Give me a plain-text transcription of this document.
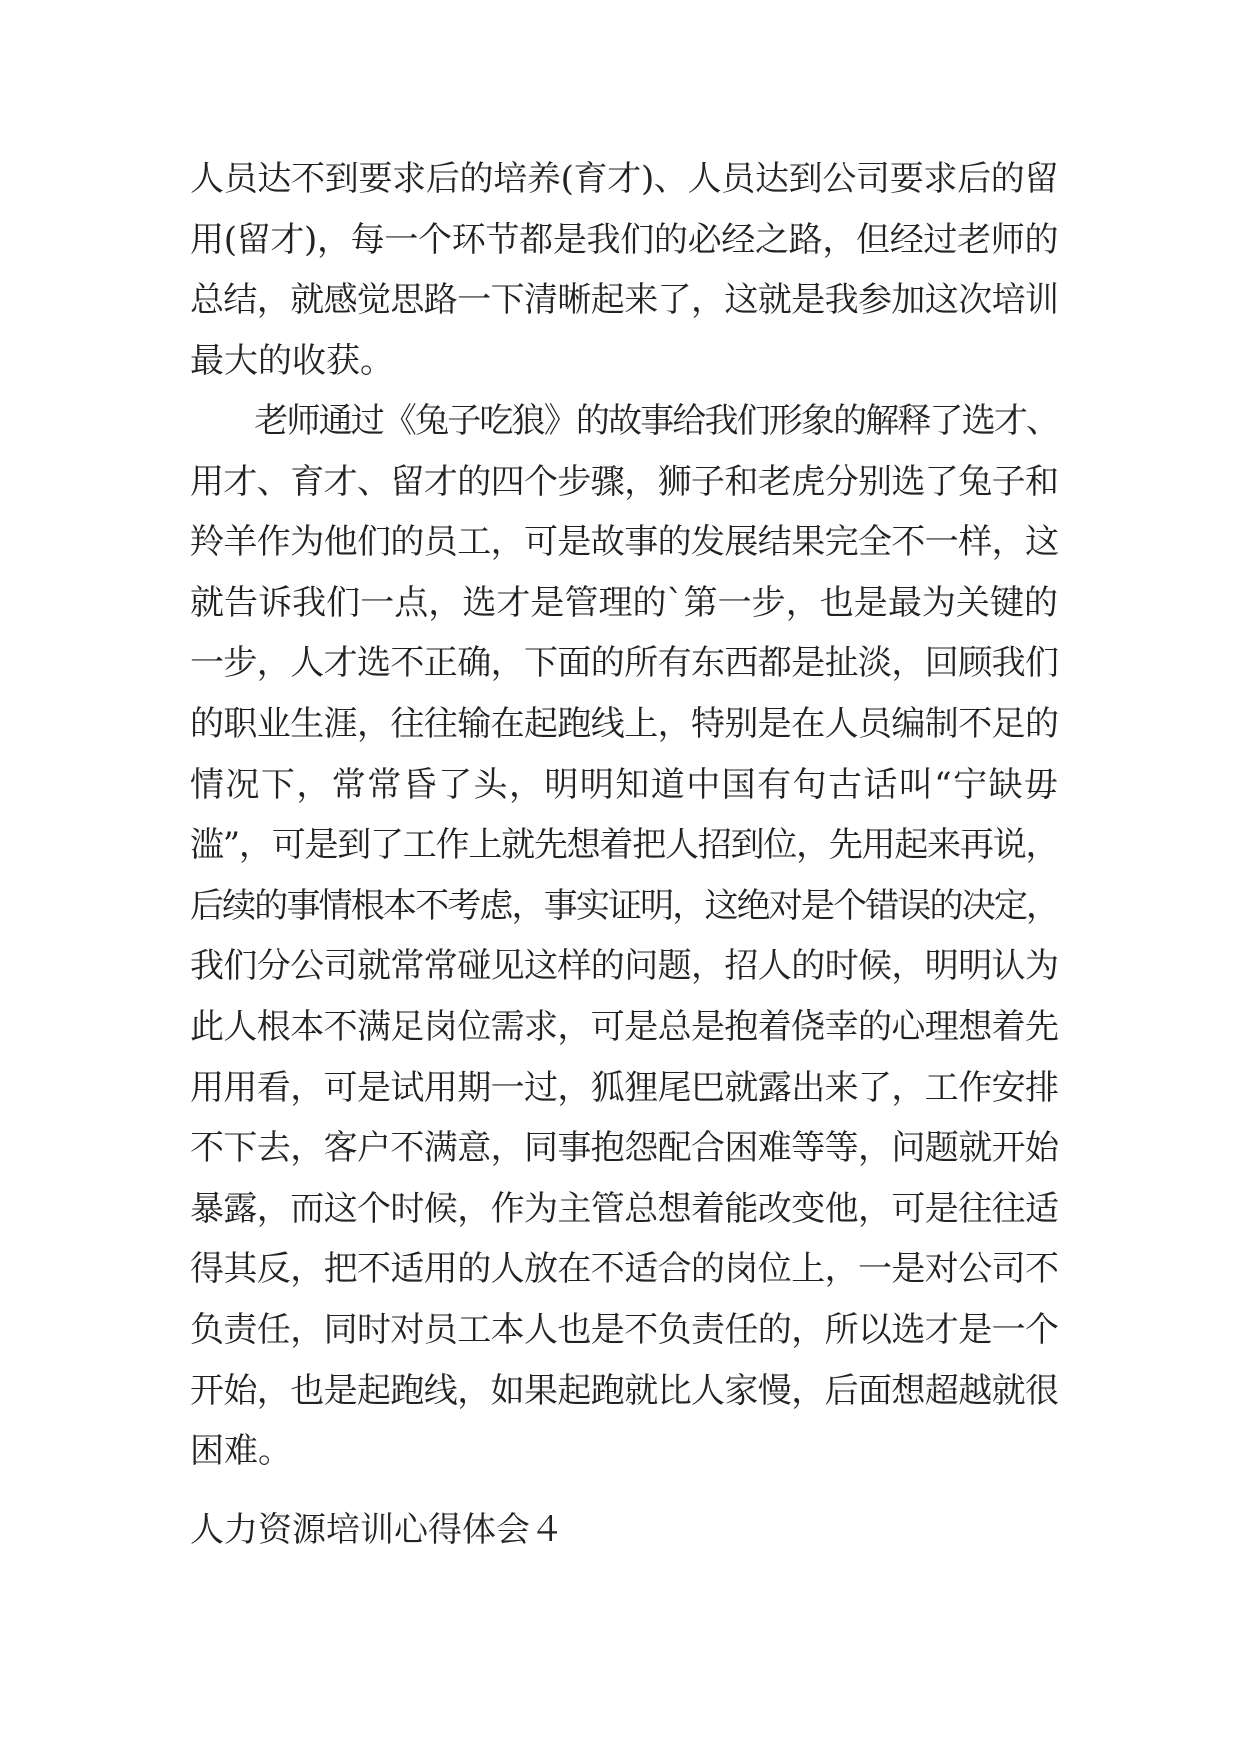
人员达不到要求后的培养(育才)、人员达到公司要求后的留
用(留才)，每一个环节都是我们的必经之路，但经过老师的
总结，就感觉思路一下清晰起来了，这就是我参加这次培训
最大的收获。
　　老师通过《兔子吃狼》的故事给我们形象的解释了选才、
用才、育才、留才的四个步骤，狮子和老虎分别选了兔子和
羚羊作为他们的员工，可是故事的发展结果完全不一样，这
就告诉我们一点，选才是管理的`第一步，也是最为关键的
一步，人才选不正确，下面的所有东西都是扯淡，回顾我们
的职业生涯，往往输在起跑线上，特别是在人员编制不足的
情况下，常常昏了头，明明知道中国有句古话叫“宁缺毋
滥”，可是到了工作上就先想着把人招到位，先用起来再说，
后续的事情根本不考虑，事实证明，这绝对是个错误的决定，
我们分公司就常常碰见这样的问题，招人的时候，明明认为
此人根本不满足岗位需求，可是总是抱着侥幸的心理想着先
用用看，可是试用期一过，狐狸尾巴就露出来了，工作安排
不下去，客户不满意，同事抱怨配合困难等等，问题就开始
暴露，而这个时候，作为主管总想着能改变他，可是往往适
得其反，把不适用的人放在不适合的岗位上，一是对公司不
负责任，同时对员工本人也是不负责任的，所以选才是一个
开始，也是起跑线，如果起跑就比人家慢，后面想超越就很
困难。
人力资源培训心得体会４
